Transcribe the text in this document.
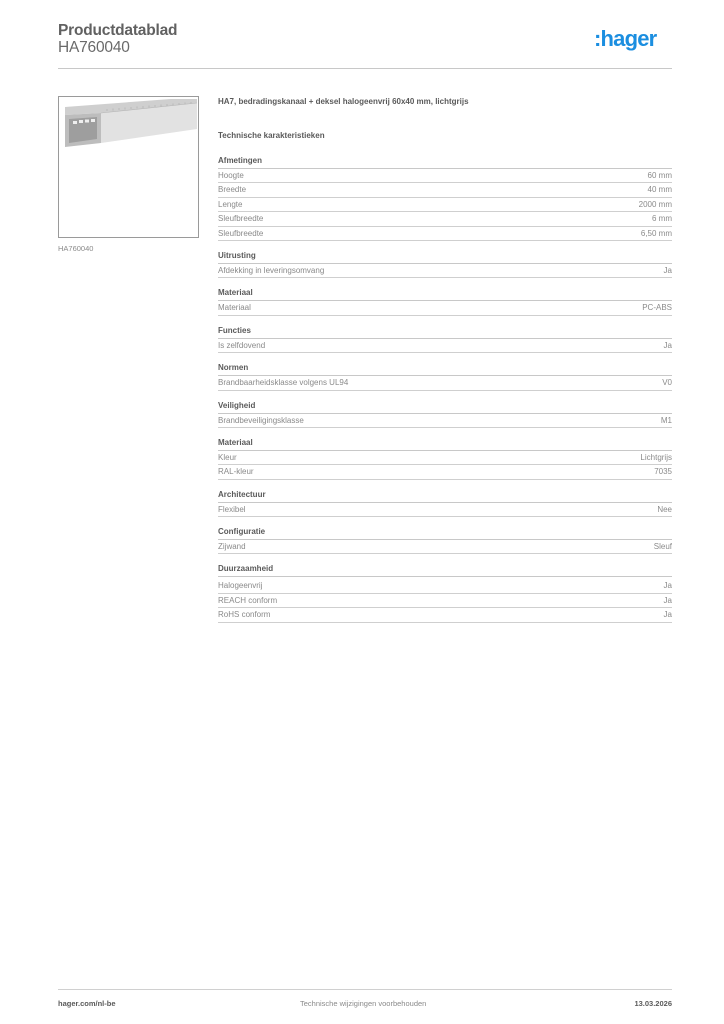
Productdatablad
HA760040	:hager
HA760040
HA7, bedradingskanaal + deksel halogeenvrij 60x40 mm, lichtgrijs
Technische karakteristieken
Afmetingen
Hoogte	60 mm
Breedte	40 mm
Lengte	2000 mm
Sleufbreedte	6 mm
Sleufbreedte	6,50 mm
Uitrusting
Afdekking in leveringsomvang	Ja
Materiaal
Materiaal	PC-ABS
Functies
Is zelfdovend	Ja
Normen
Brandbaarheidsklasse volgens UL94	V0
Veiligheid
Brandbeveiligingsklasse	M1
Materiaal
Kleur	Lichtgrijs
RAL-kleur	7035
Architectuur
Flexibel	Nee
Configuratie
Zijwand	Sleuf
Duurzaamheid
Halogeenvrij	Ja
REACH conform	Ja
RoHS conform	Ja
hager.com/nl-be	Technische wijzigingen voorbehouden	13.03.2026
